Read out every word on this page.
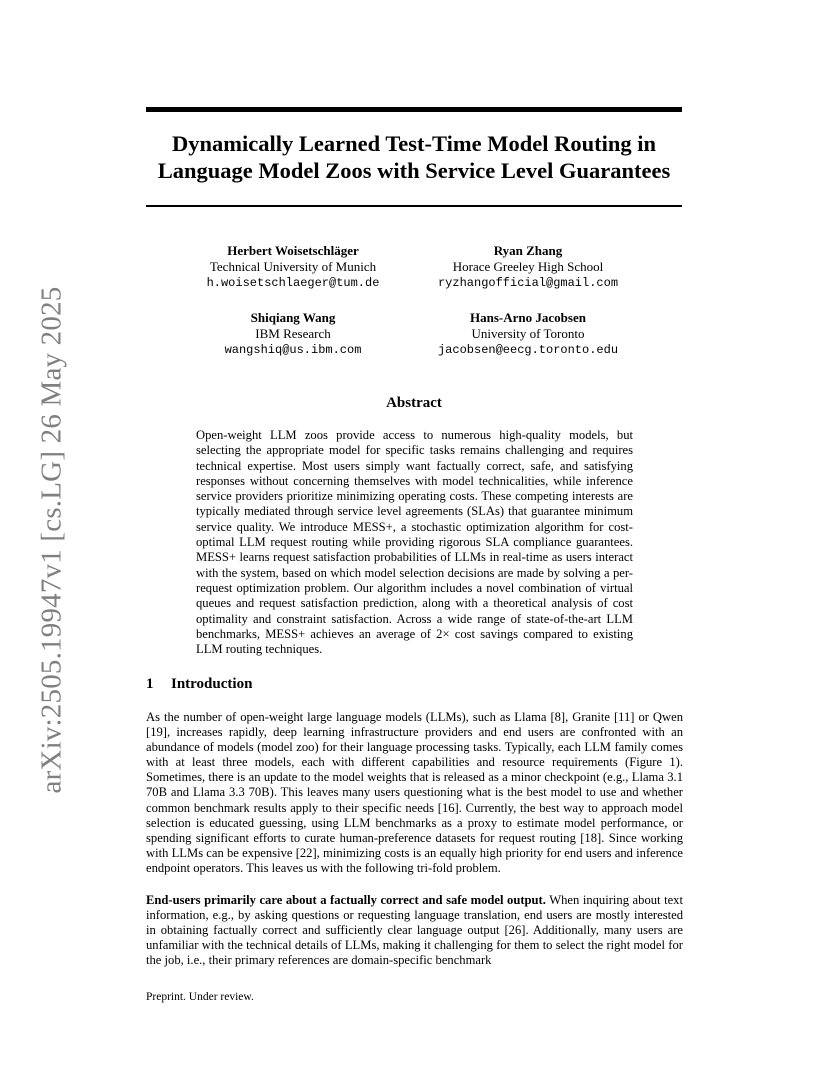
arXiv:2505.19947v1 [cs.LG] 26 May 2025
Dynamically Learned Test-Time Model Routing in Language Model Zoos with Service Level Guarantees
Herbert Woisetschläger
Technical University of Munich
h.woisetschlaeger@tum.de
Ryan Zhang
Horace Greeley High School
ryzhangofficial@gmail.com
Shiqiang Wang
IBM Research
wangshiq@us.ibm.com
Hans-Arno Jacobsen
University of Toronto
jacobsen@eecg.toronto.edu
Abstract
Open-weight LLM zoos provide access to numerous high-quality models, but selecting the appropriate model for specific tasks remains challenging and requires technical expertise. Most users simply want factually correct, safe, and satisfying responses without concerning themselves with model technicalities, while inference service providers prioritize minimizing operating costs. These competing interests are typically mediated through service level agreements (SLAs) that guarantee minimum service quality. We introduce MESS+, a stochastic optimization algorithm for cost-optimal LLM request routing while providing rigorous SLA compliance guarantees. MESS+ learns request satisfaction probabilities of LLMs in real-time as users interact with the system, based on which model selection decisions are made by solving a per-request optimization problem. Our algorithm includes a novel combination of virtual queues and request satisfaction prediction, along with a theoretical analysis of cost optimality and constraint satisfaction. Across a wide range of state-of-the-art LLM benchmarks, MESS+ achieves an average of 2× cost savings compared to existing LLM routing techniques.
1 Introduction
As the number of open-weight large language models (LLMs), such as Llama [8], Granite [11] or Qwen [19], increases rapidly, deep learning infrastructure providers and end users are confronted with an abundance of models (model zoo) for their language processing tasks. Typically, each LLM family comes with at least three models, each with different capabilities and resource requirements (Figure 1). Sometimes, there is an update to the model weights that is released as a minor checkpoint (e.g., Llama 3.1 70B and Llama 3.3 70B). This leaves many users questioning what is the best model to use and whether common benchmark results apply to their specific needs [16]. Currently, the best way to approach model selection is educated guessing, using LLM benchmarks as a proxy to estimate model performance, or spending significant efforts to curate human-preference datasets for request routing [18]. Since working with LLMs can be expensive [22], minimizing costs is an equally high priority for end users and inference endpoint operators. This leaves us with the following tri-fold problem.
End-users primarily care about a factually correct and safe model output. When inquiring about text information, e.g., by asking questions or requesting language translation, end users are mostly interested in obtaining factually correct and sufficiently clear language output [26]. Additionally, many users are unfamiliar with the technical details of LLMs, making it challenging for them to select the right model for the job, i.e., their primary references are domain-specific benchmark
Preprint. Under review.
